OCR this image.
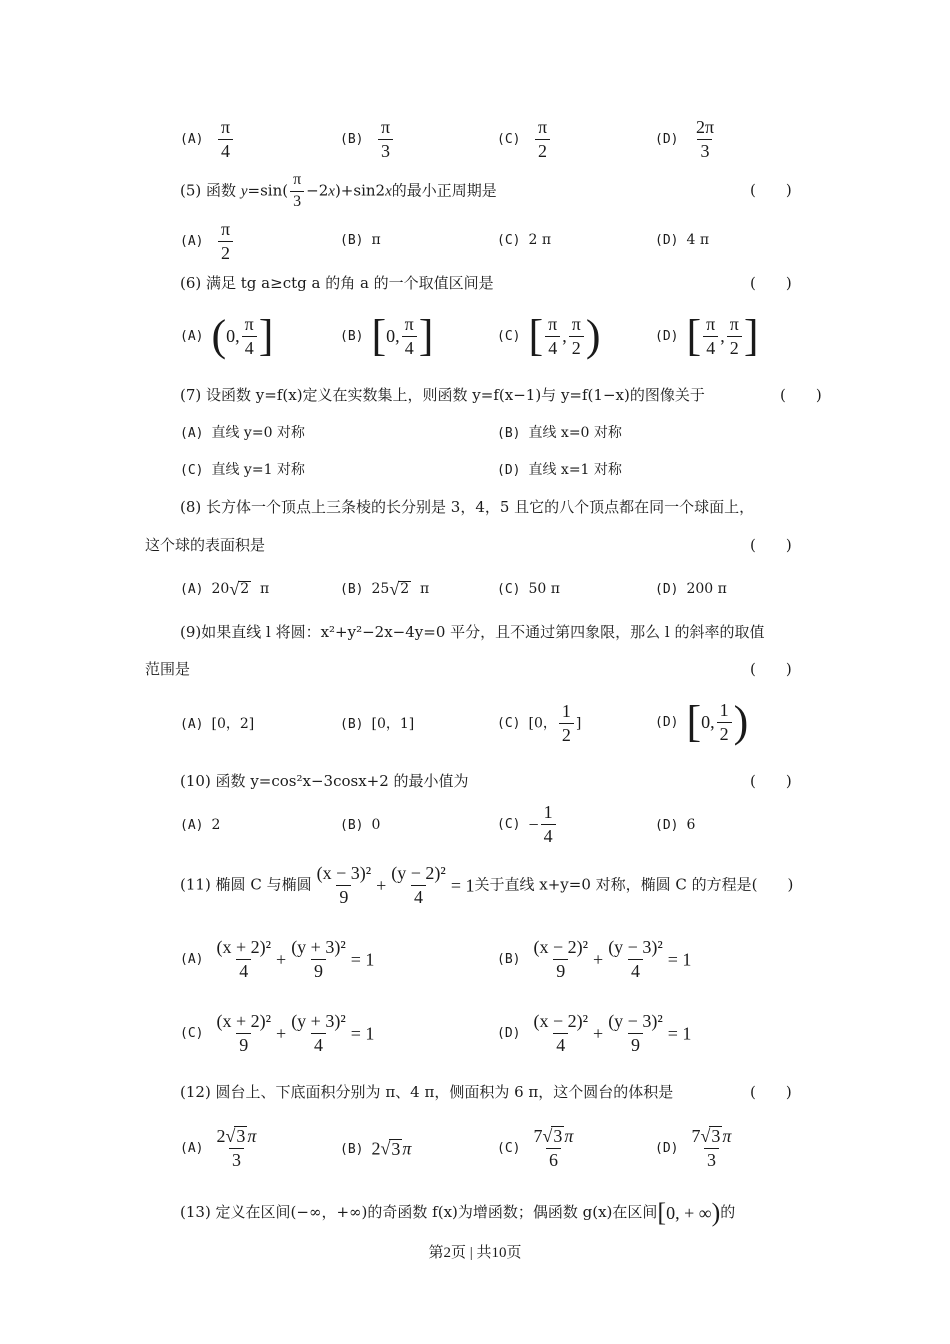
$(A) \frac{\pi}{4}$	$(B) \frac{\pi}{3}$	$(C) \frac{\pi}{2}$	$(D) \frac{2\pi}{3}$
(5) 函数 $y=\sin( \frac{\pi}{3} -2x)+\sin 2x$的最小正周期是	(　　)
$(A) \frac{\pi}{2}$	(B) π	(C) 2 π	(D) 4 π
(6) 满足 tg a≥ctg a 的角 a 的一个取值区间是	(　　)
(A) (0, $\frac{\pi}{4}$ ]	(B) [0, $\frac{\pi}{4}$ ]	(C) [ $\frac{\pi}{4}$ , $\frac{\pi}{2}$ )	(D) [ $\frac{\pi}{4}$ , $\frac{\pi}{2}$ ]
(7) 设函数 y=f(x)定义在实数集上，则函数 y=f(x−1)与 y=f(1−x)的图像关于	(　　)
(A) 直线 y=0 对称	(B) 直线 x=0 对称
(C) 直线 y=1 对称	(D) 直线 x=1 对称
(8) 长方体一个顶点上三条棱的长分别是 3，4，5 且它的八个顶点都在同一个球面上，
这个球的表面积是	(　　)
(A) 20√2 π	(B) 25√2 π	(C) 50 π	(D) 200 π
(9)如果直线 l 将圆：x²+y²−2x−4y=0 平分，且不通过第四象限，那么 l 的斜率的取值
范围是	(　　)
(A) [0，2]	(B) [0，1]	(C) [0， $\frac{1}{2}$ ]	(D) [0, $\frac{1}{2}$ )
(10) 函数 y=cos²x−3cosx+2 的最小值为	(　　)
(A) 2	(B) 0	$(C) - \frac{1}{4}$	(D) 6
(11) 椭圆 C 与椭圆 $\frac{\text{(x − 3)²}}{9} + \frac{\text{(y − 2)²}}{4} = 1$关于直线 x+y=0 对称，椭圆 C 的方程是(　　)
$(A) \frac{\text{(x + 2)²}}{4} + \frac{\text{(y + 3)²}}{9} = 1$	$(B) \frac{\text{(x − 2)²}}{9} + \frac{\text{(y − 3)²}}{4} = 1$
$(C) \frac{\text{(x + 2)²}}{9} + \frac{\text{(y + 3)²}}{4} = 1$	$(D) \frac{\text{(x − 2)²}}{4} + \frac{\text{(y − 3)²}}{9} = 1$
(12) 圆台上、下底面积分别为 π、4 π，侧面积为 6 π，这个圆台的体积是	(　　)
$(A) \frac{2√3 \pi}{3}$	(B) 2√3 π	$(C) \frac{7√3 \pi}{6}$	$(D) \frac{7√3 \pi}{3}$
(13) 定义在区间(−∞，+∞)的奇函数 f(x)为增函数；偶函数 g(x)在区间[0, + ∞)的
第2页 | 共10页
